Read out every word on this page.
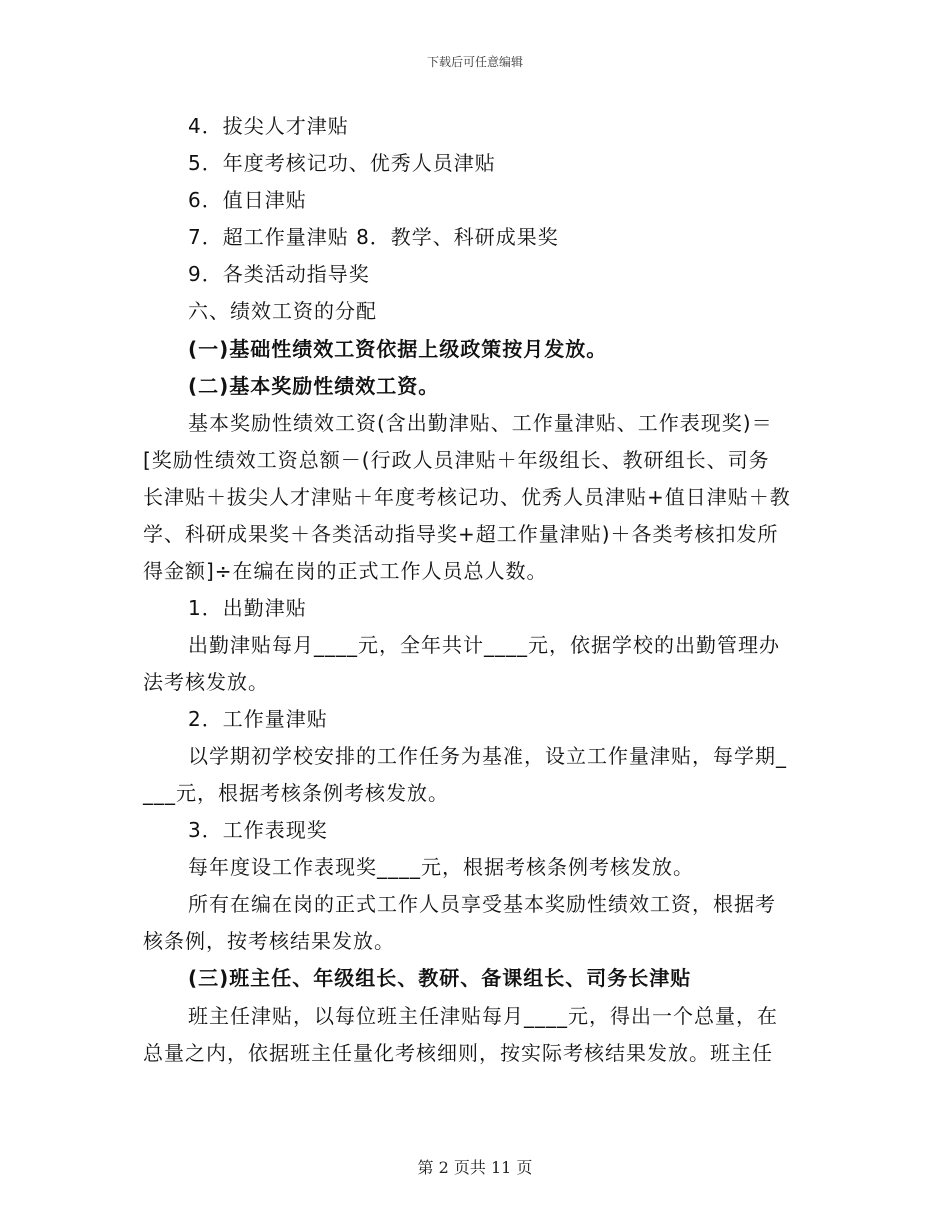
下载后可任意编辑
4．拔尖人才津贴
5．年度考核记功、优秀人员津贴
6．值日津贴
7．超工作量津贴 8．教学、科研成果奖
9．各类活动指导奖
六、绩效工资的分配
(一)基础性绩效工资依据上级政策按月发放。
(二)基本奖励性绩效工资。
基本奖励性绩效工资(含出勤津贴、工作量津贴、工作表现奖)＝
[奖励性绩效工资总额－(行政人员津贴＋年级组长、教研组长、司务
长津贴＋拔尖人才津贴＋年度考核记功、优秀人员津贴+值日津贴＋教
学、科研成果奖＋各类活动指导奖+超工作量津贴)＋各类考核扣发所
得金额]÷在编在岗的正式工作人员总人数。
1．出勤津贴
出勤津贴每月____元，全年共计____元，依据学校的出勤管理办
法考核发放。
2．工作量津贴
以学期初学校安排的工作任务为基准，设立工作量津贴，每学期_
___元，根据考核条例考核发放。
3．工作表现奖
每年度设工作表现奖____元，根据考核条例考核发放。
所有在编在岗的正式工作人员享受基本奖励性绩效工资，根据考
核条例，按考核结果发放。
(三)班主任、年级组长、教研、备课组长、司务长津贴
班主任津贴，以每位班主任津贴每月____元，得出一个总量，在
总量之内，依据班主任量化考核细则，按实际考核结果发放。班主任
第 2 页共 11 页
